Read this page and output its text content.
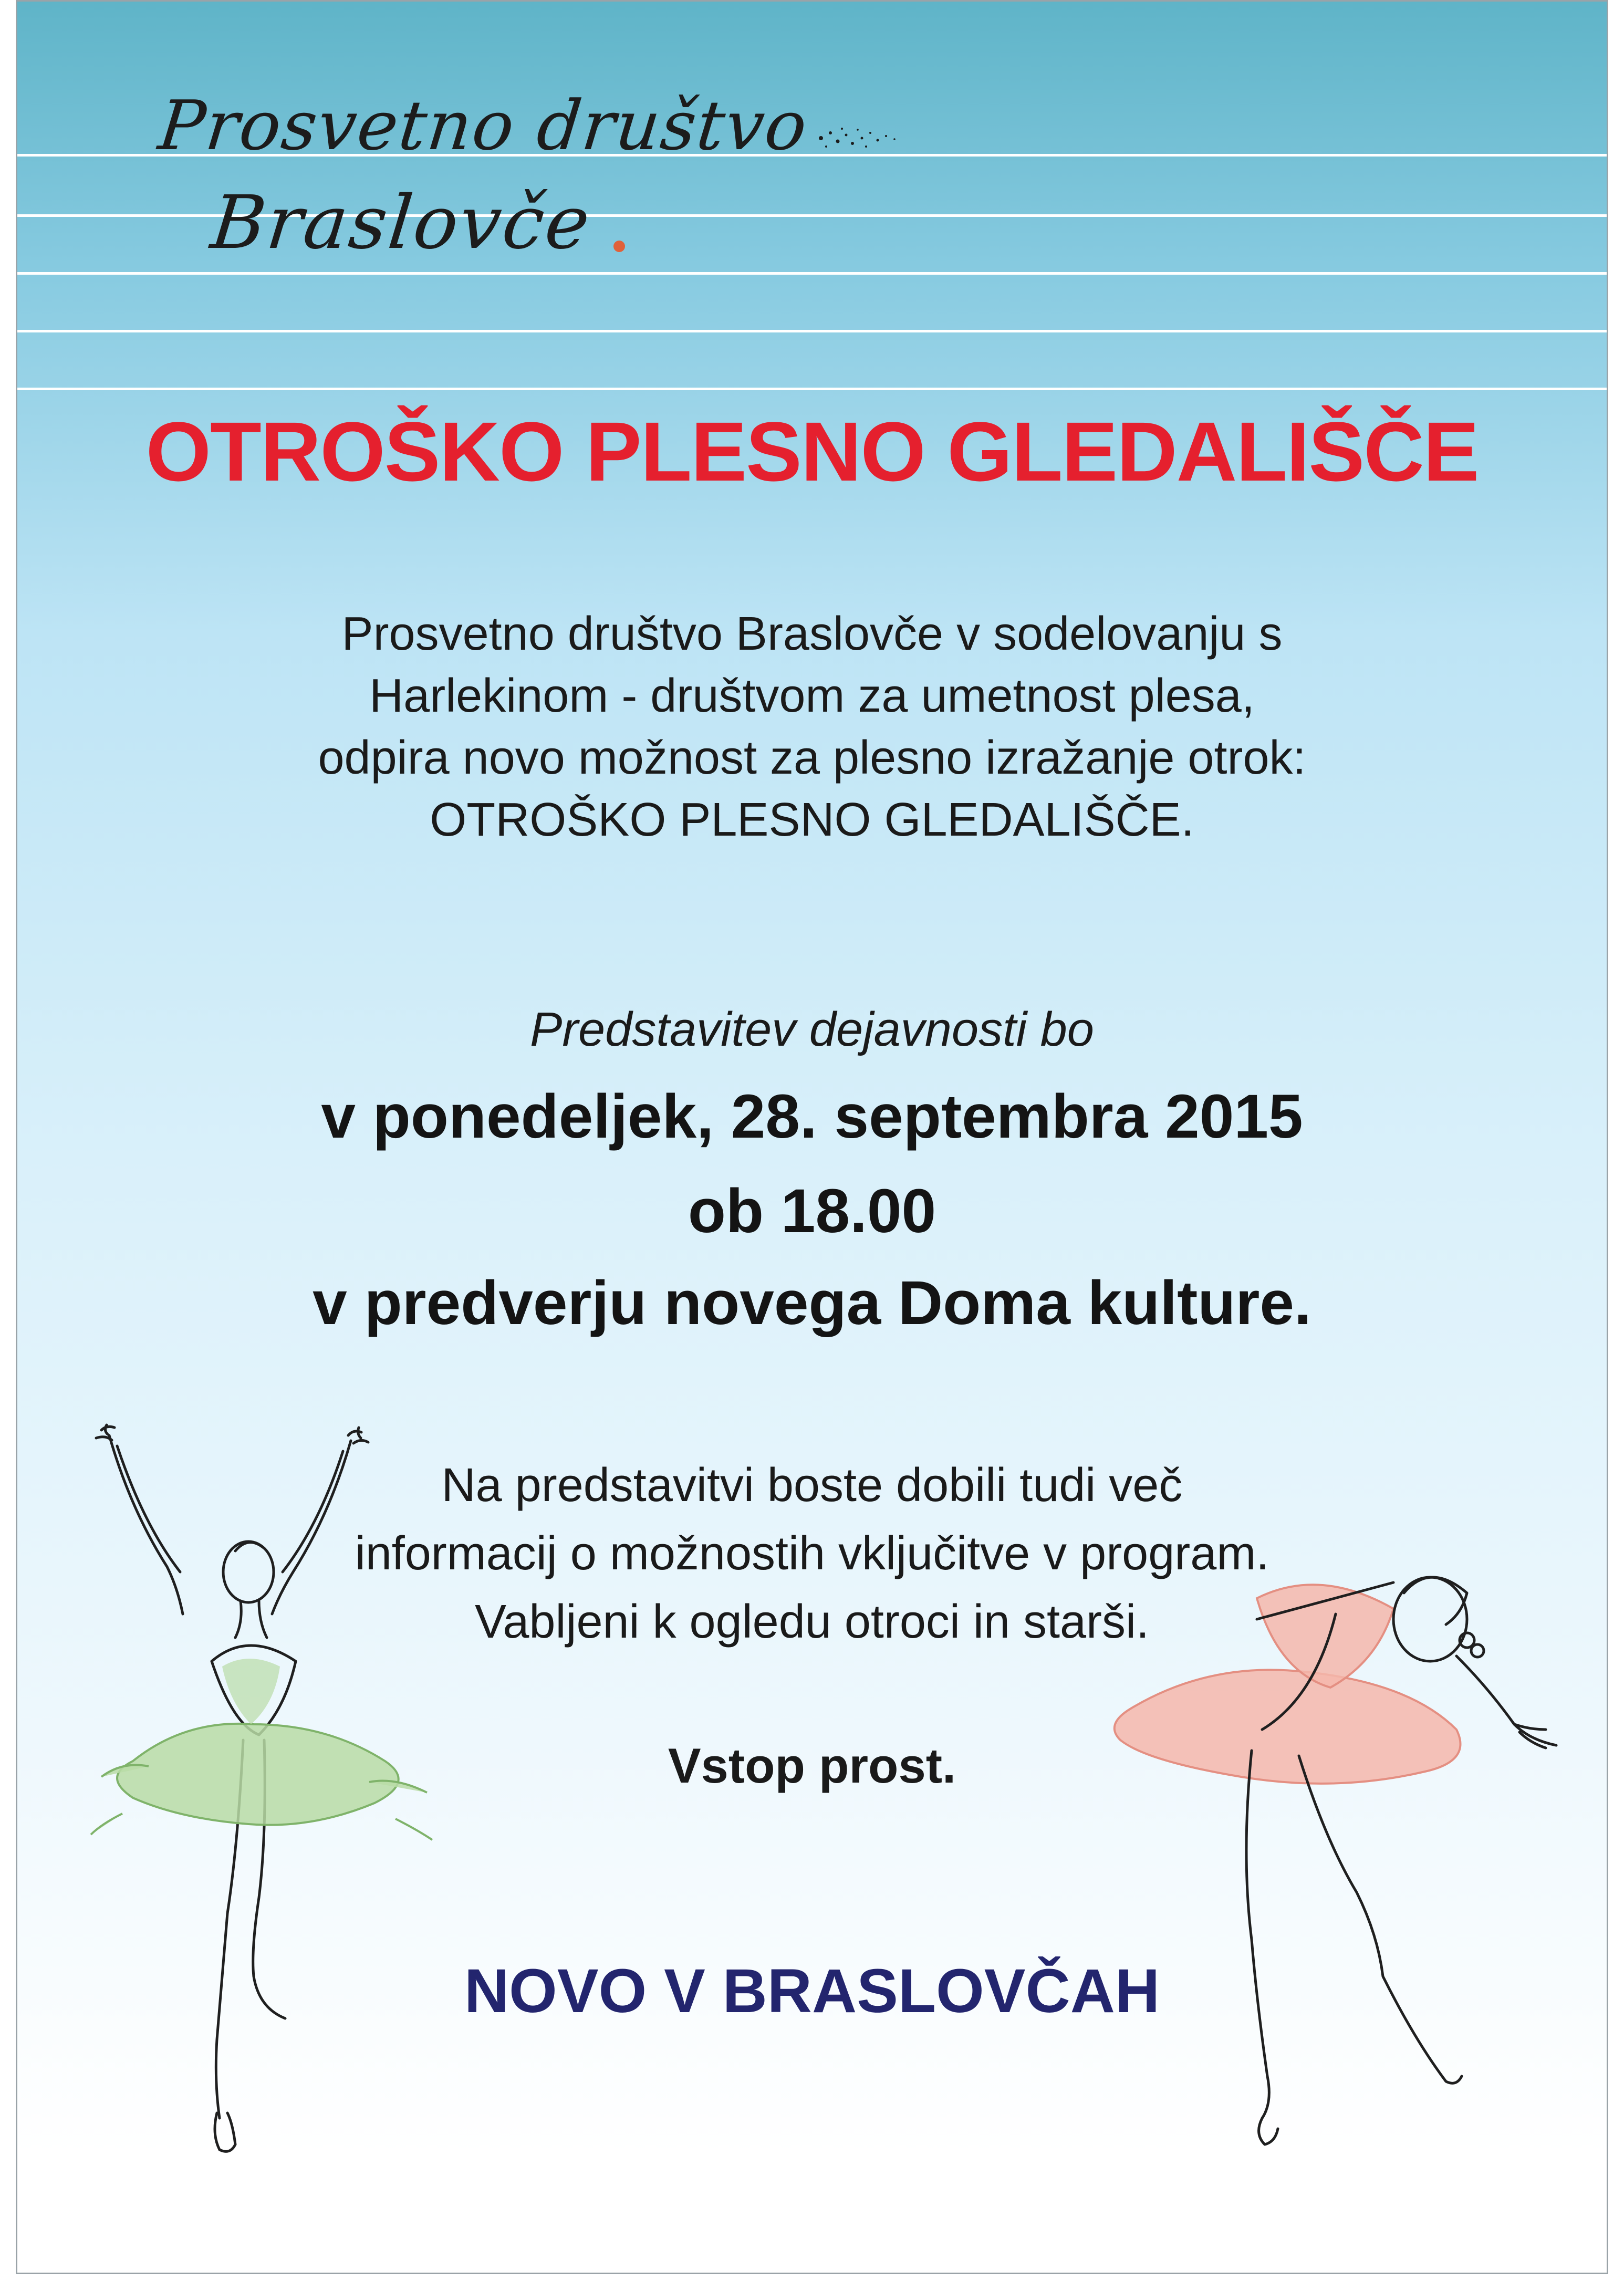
Prosvetno društvo
Braslovče
OTROŠKO PLESNO GLEDALIŠČE

Prosvetno društvo Braslovče v sodelovanju s

Harlekinom - društvom za umetnost plesa,

odpira novo možnost za plesno izražanje otrok:

OTROŠKO PLESNO GLEDALIŠČE.

Predstavitev dejavnosti bo

v ponedeljek, 28. septembra 2015

ob 18.00

v predverju novega Doma kulture.

Na predstavitvi boste dobili tudi več

informacij o možnostih vključitve v program.

Vabljeni k ogledu otroci in starši.

Vstop prost.

NOVO V BRASLOVČAH
